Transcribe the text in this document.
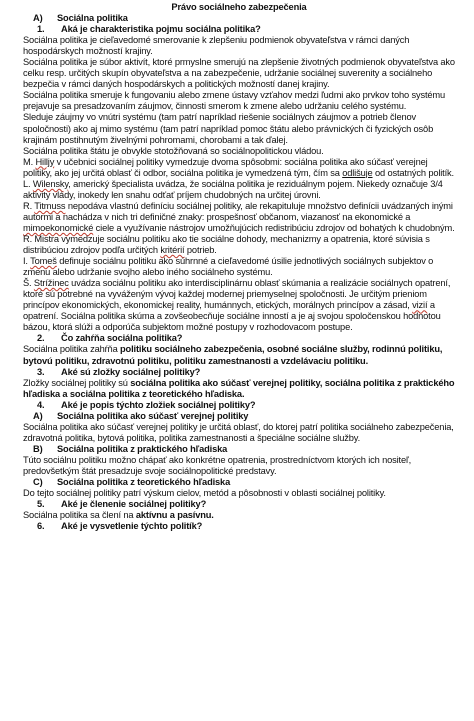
Právo sociálneho zabezpečenia
A)	Sociálna politika
1.	Aká je charakteristika pojmu sociálna politika?
Sociálna politika je cieľavedomé smerovanie k zlepšeniu podmienok obyvateľstva v rámci daných hospodárskych možností krajiny.
Sociálna politika je súbor aktivít, ktoré prmyslne smerujú na zlepšenie životných podmienok obyvateľstva ako celku resp. určitých skupín obyvateľstva a na zabezpečenie, udržanie sociálnej suverenity a sociálneho bezpečia v rámci daných hospodárskych a politických možností danej krajiny.
Sociálna politika smeruje k fungovaniu alebo zmene ústavy vzťahov medzi ľudmi ako prvkov toho systému prejavuje sa presadzovaním záujmov, činnosti smerom k zmene alebo udržaniu celého systému.
Sleduje záujmy vo vnútri systému (tam patrí napríklad riešenie sociálnych záujmov a potrieb členov spoločnosti) ako aj mimo systému (tam patrí napríklad pomoc štátu alebo právnických či fyzických osôb krajinám postihnutým živelnými pohromami, chorobami a tak ďalej.
Sociálna politika štátu je obvykle stotožňovaná so sociálnopolitickou vládou.
M. Hilljy v učebnici sociálnej politiky vymedzuje dvoma spôsobmi: sociálna politika ako súčasť verejnej politiky, ako jej určitá oblasť či odbor, sociálna politika je vymedzená tým, čím sa odlišuje od ostatných politík.
L. Wilensky, americký špecialista uvádza, že sociálna politika je reziduálnym pojem. Niekedy označuje 3/4 aktivity vlády, inokedy len snahu odťať príjem chudobných na určitej úrovni.
R. Titmuss nepodáva vlastnú definíciu sociálnej politiky, ale rekapituluje množstvo definícii uvádzaných inými autormi a nachádza v nich tri definičné znaky: prospešnosť občanom, viazanosť na ekonomické a mimoekonomické ciele a využívanie nástrojov umožňujúcich redistribúciu zdrojov od bohatých k chudobným.
R. Mistra vymedzuje sociálnu politiku ako tie sociálne dohody, mechanizmy a opatrenia, ktoré súvisia s distribúciou zdrojov podľa určitých kritérií potrieb.
I. Tomeš definuje sociálnu politiku ako súhrnné a cieľavedomé úsilie jednotlivých sociálnych subjektov o zmenu alebo udržanie svojho alebo iného sociálneho systému.
Š. Strížinec uvádza sociálnu politiku ako interdisciplinárnu oblasť skúmania a realizácie sociálnych opatrení, ktoré sú potrebné na vyváženým vývoj každej modernej priemyselnej spoločnosti. Je určitým prieniom princípov ekonomických, ekonomickej reality, humánnych, etických, morálnych princípov a zásad, vizií a opatrení. Sociálna politika skúma a zovšeobecňuje sociálne inností a je aj svojou spoločenskou hodnotou bázou, ktorá slúži a odporúča subjektom možné postupy v rozhodovacom postupe.
2.	Čo zahŕňa sociálna politika?
Sociálna politika zahŕňa politiku sociálneho zabezpečenia, osobné sociálne služby, rodinnú politiku, bytovú politiku, zdravotnú politiku, politiku zamestnanosti a vzdelávaciu politiku.
3.	Aké sú zložky sociálnej politiky?
Zložky sociálnej politiky sú sociálna politika ako súčasť verejnej politiky, sociálna politika z praktického hľadiska a sociálna politika z teoretického hľadiska.
4.	Aké je popis týchto zložiek sociálnej politiky?
A)	Sociálna politika ako súčasť verejnej politiky
Sociálna politika ako súčasť verejnej politiky je určitá oblasť, do ktorej patrí politika sociálneho zabezpečenia, zdravotná politika, bytová politika, politika zamestnanosti a špeciálne sociálne služby.
B)	Sociálna politika z praktického hľadiska
Túto sociálnu politiku možno chápať ako konkrétne opatrenia, prostredníctvom ktorých ich nositeľ, predovšetkým štát presadzuje svoje sociálnopolitické predstavy.
C)	Sociálna politika z teoretického hľadiska
Do tejto sociálnej politiky patrí výskum cielov, metód a pôsobnosti v oblasti sociálnej politiky.
5.	Aké je členenie sociálnej politiky?
Sociálna politika sa člení na aktívnu a pasívnu.
6.	Aké je vysvetlenie týchto politík?
